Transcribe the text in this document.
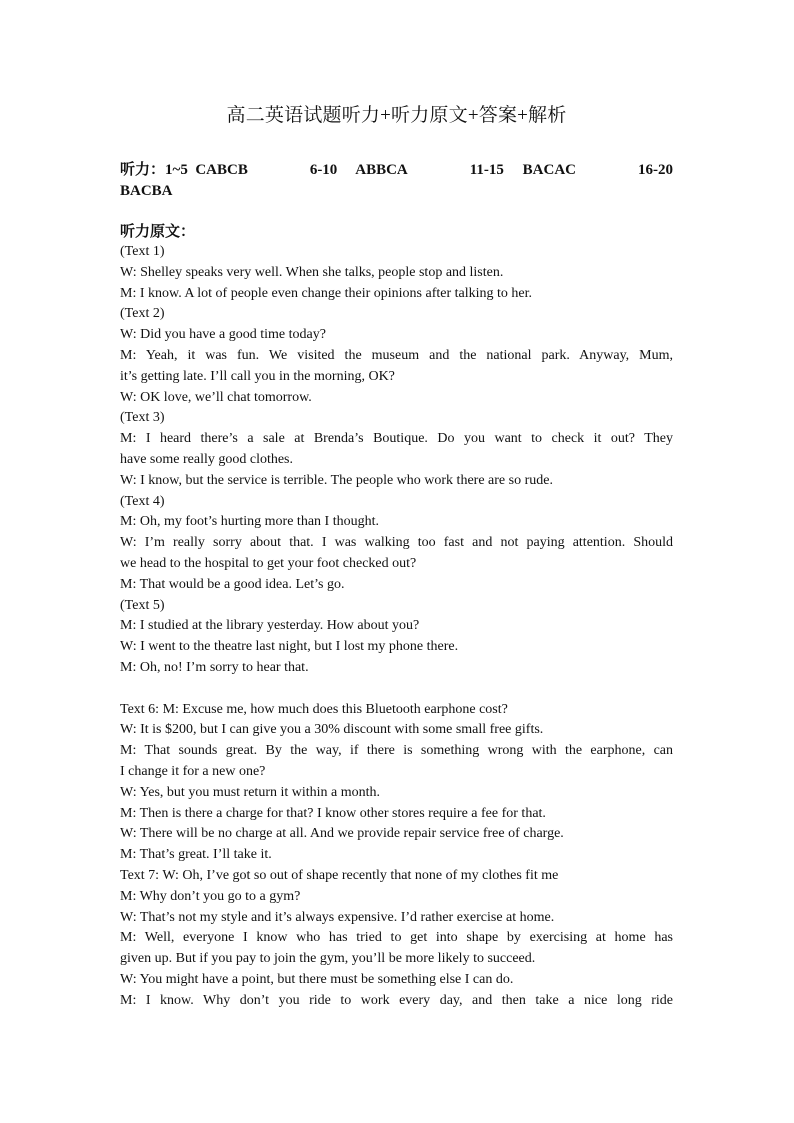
高二英语试题听力+听力原文+答案+解析
听力：1~5  CABCB	6-10     ABBCA	11-15     BACAC	16-20
BACBA
听力原文：
(Text 1)
W: Shelley speaks very well. When she talks, people stop and listen.
M: I know. A lot of people even change their opinions after talking to her.
(Text 2)
W: Did you have a good time today?
M: Yeah, it was fun. We visited the museum and the national park. Anyway, Mum,
it’s getting late. I’ll call you in the morning, OK?
W: OK love, we’ll chat tomorrow.
(Text 3)
M: I heard there’s a sale at Brenda’s Boutique. Do you want to check it out? They
have some really good clothes.
W: I know, but the service is terrible. The people who work there are so rude.
(Text 4)
M: Oh, my foot’s hurting more than I thought.
W: I’m really sorry about that. I was walking too fast and not paying attention. Should
we head to the hospital to get your foot checked out?
M: That would be a good idea. Let’s go.
(Text 5)
M: I studied at the library yesterday. How about you?
W: I went to the theatre last night, but I lost my phone there.
M: Oh, no! I’m sorry to hear that.
Text 6: M: Excuse me, how much does this Bluetooth earphone cost?
W: It is $200, but I can give you a 30% discount with some small free gifts.
M: That sounds great. By the way, if there is something wrong with the earphone, can
I change it for a new one?
W: Yes, but you must return it within a month.
M: Then is there a charge for that? I know other stores require a fee for that.
W: There will be no charge at all. And we provide repair service free of charge.
M: That’s great. I’ll take it.
Text 7: W: Oh, I’ve got so out of shape recently that none of my clothes fit me
M: Why don’t you go to a gym?
W: That’s not my style and it’s always expensive. I’d rather exercise at home.
M: Well, everyone I know who has tried to get into shape by exercising at home has
given up. But if you pay to join the gym, you’ll be more likely to succeed.
W: You might have a point, but there must be something else I can do.
M: I know. Why don’t you ride to work every day, and then take a nice long ride
